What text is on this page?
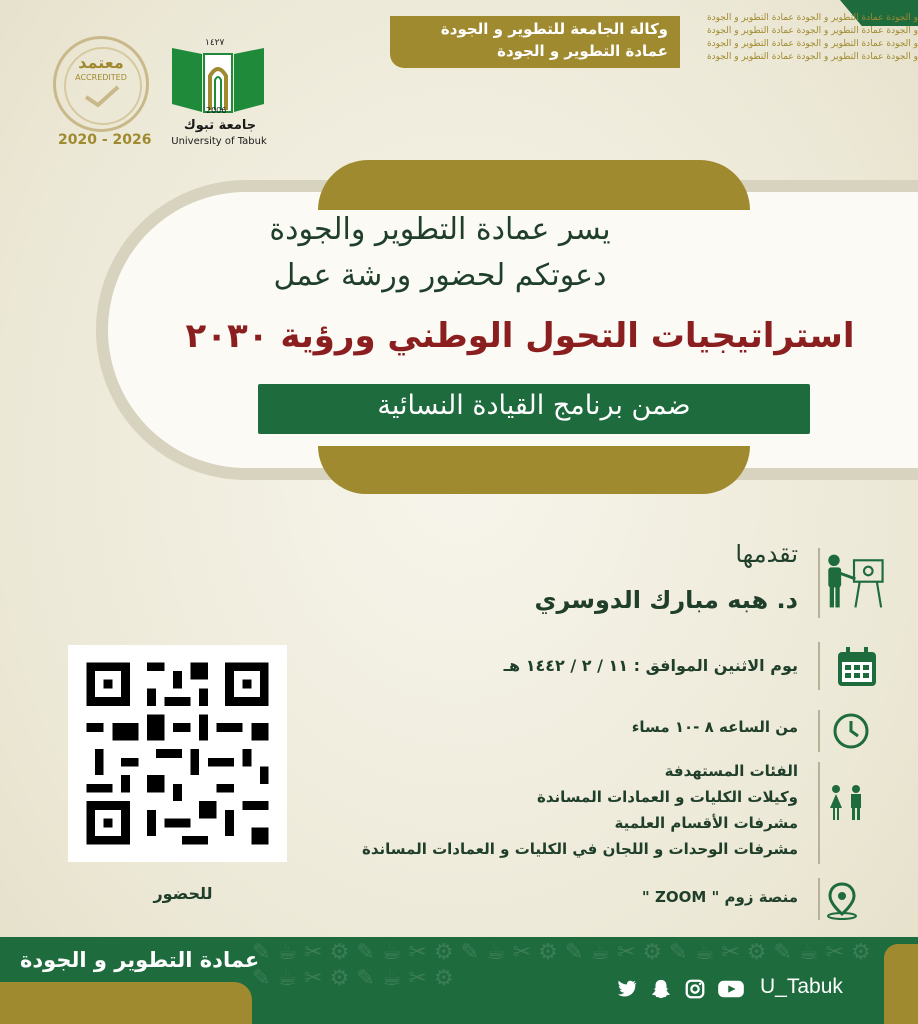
و الجودة عمادة التطوير و الجودة عمادة التطوير و الجودة
و الجودة عمادة التطوير و الجودة عمادة التطوير و الجودة
و الجودة عمادة التطوير و الجودة عمادة التطوير و الجودة
و الجودة عمادة التطوير و الجودة عمادة التطوير و الجودة
وكالة الجامعة للتطوير و الجودة
عمادة التطوير و الجودة
معتمد
ACCREDITED
2020 - 2026
١٤٢٧
2006
جامعة تبوك
University of Tabuk
يسر عمادة التطوير والجودة
دعوتكم لحضور ورشة عمل
استراتيجيات التحول الوطني ورؤية ٢٠٣٠
ضمن برنامج القيادة النسائية
تقدمها
د. هبه مبارك الدوسري
يوم الاثنين الموافق : ١١ / ٢ / ١٤٤٢ هـ
من الساعه ٨ -١٠ مساء
الفئات المستهدفة
وكيلات الكليات و العمادات المساندة
مشرفات الأقسام العلمية
مشرفات الوحدات و اللجان في الكليات و العمادات المساندة
منصة زوم " ZOOM "
للحضور
✎ ☕ ✂ ⚙ ✎ ☕ ✂ ⚙ ✎ ☕ ✂ ⚙ ✎ ☕ ✂ ⚙ ✎ ☕ ✂ ⚙ ✎ ☕ ✂ ⚙ ✎ ☕ ✂ ⚙ ✎ ☕ ✂ ⚙
عمادة التطوير و الجودة
U_Tabuk
